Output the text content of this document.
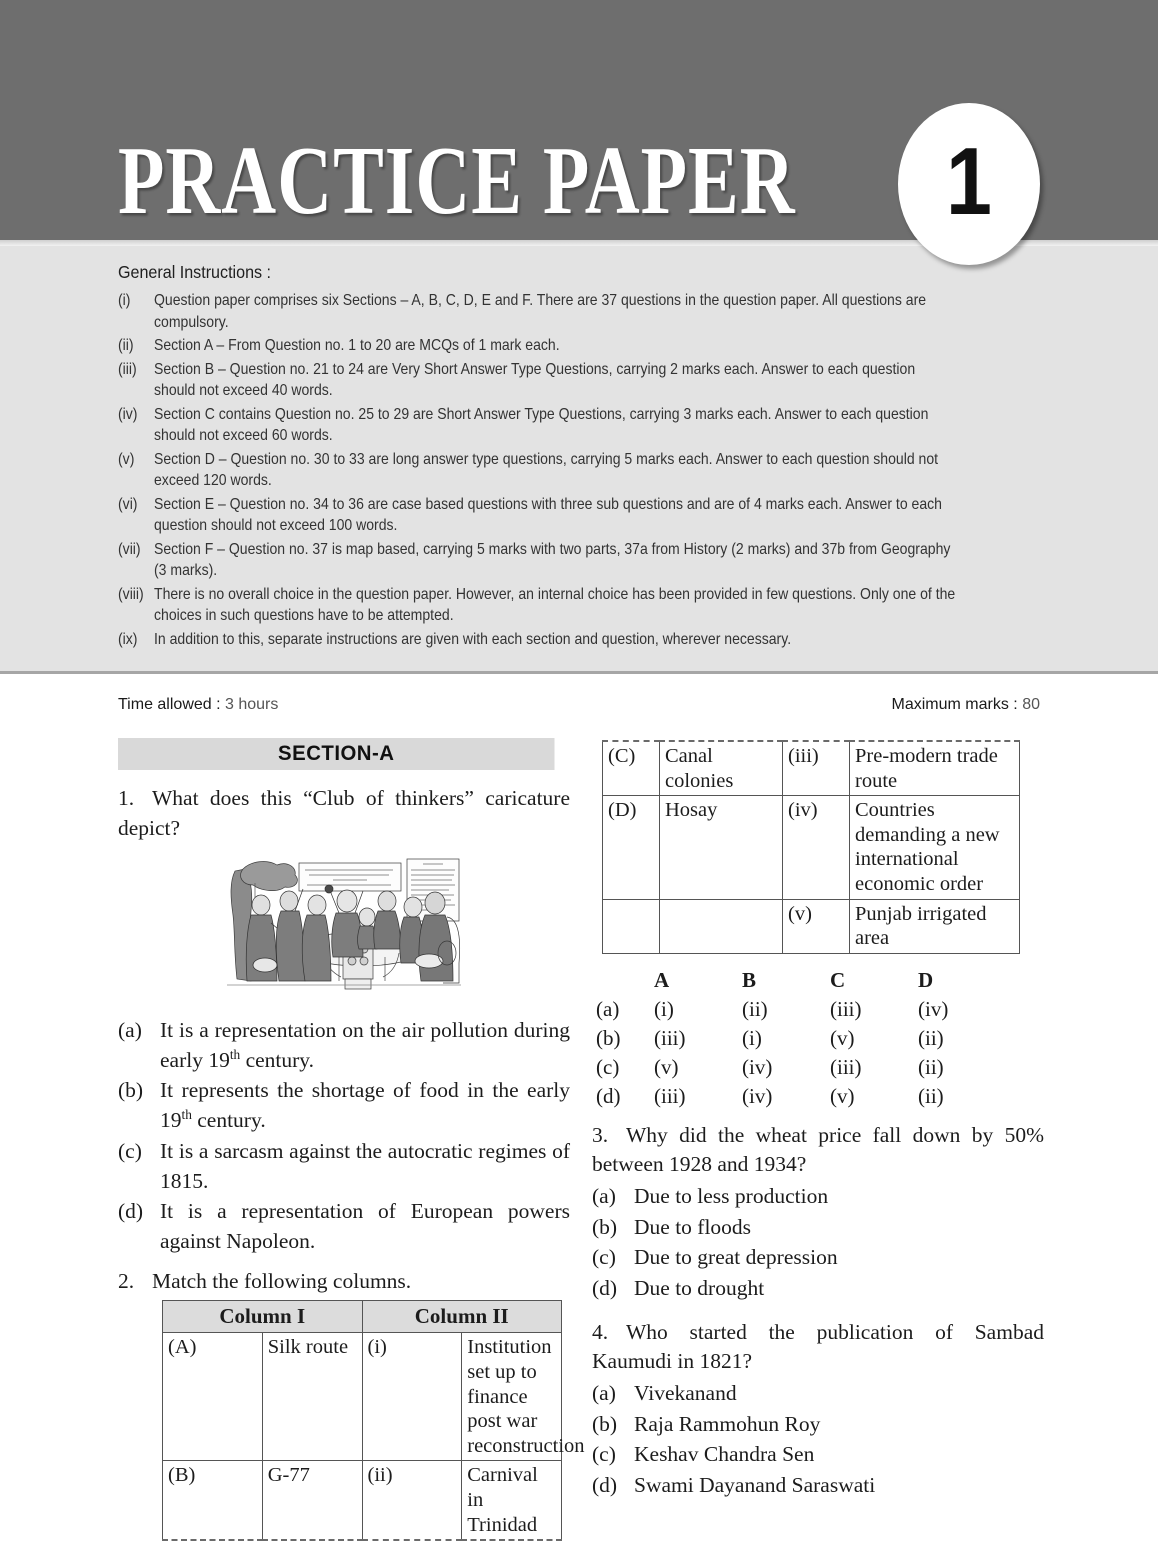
PRACTICE PAPER	1
General Instructions :
(i)	Question paper comprises six Sections – A, B, C, D, E and F. There are 37 questions in the question paper. All questions are compulsory.
(ii)	Section A – From Question no. 1 to 20 are MCQs of 1 mark each.
(iii)	Section B – Question no. 21 to 24 are Very Short Answer Type Questions, carrying 2 marks each. Answer to each question should not exceed 40 words.
(iv)	Section C contains Question no. 25 to 29 are Short Answer Type Questions, carrying 3 marks each. Answer to each question should not exceed 60 words.
(v)	Section D – Question no. 30 to 33 are long answer type questions, carrying 5 marks each. Answer to each question should not exceed 120 words.
(vi)	Section E – Question no. 34 to 36 are case based questions with three sub questions and are of 4 marks each. Answer to each question should not exceed 100 words.
(vii) Section F – Question no. 37 is map based, carrying 5 marks with two parts, 37a from History (2 marks) and 37b from Geography (3 marks).
(viii) There is no overall choice in the question paper. However, an internal choice has been provided in few questions. Only one of the choices in such questions have to be attempted.
(ix)	In addition to this, separate instructions are given with each section and question, wherever necessary.
Time allowed : 3 hours	Maximum marks : 80
SECTION-A
1. What does this “Club of thinkers” caricature depict?
(a) It is a representation on the air pollution during early 19th century.
(b) It represents the shortage of food in the early 19th century.
(c) It is a sarcasm against the autocratic regimes of 1815.
(d) It is a representation of European powers against Napoleon.
2. Match the following columns.
Column I		Column II	
(A)	Silk route	(i)	Institution set up to finance post war reconstruction
(B)	G-77	(ii)	Carnival in Trinidad
(C)	Canal colonies	(iii)	Pre-modern trade route
(D)	Hosay	(iv)	Countries demanding a new international economic order
		(v)	Punjab irrigated area
	A	B	C	D
(a)	(i)	(ii)	(iii)	(iv)
(b)	(iii)	(i)	(v)	(ii)
(c)	(v)	(iv)	(iii)	(ii)
(d)	(iii)	(iv)	(v)	(ii)
3. Why did the wheat price fall down by 50% between 1928 and 1934?
(a) Due to less production
(b) Due to floods
(c) Due to great depression
(d) Due to drought
4. Who started the publication of Sambad Kaumudi in 1821?
(a) Vivekanand
(b) Raja Rammohun Roy
(c) Keshav Chandra Sen
(d) Swami Dayanand Saraswati
